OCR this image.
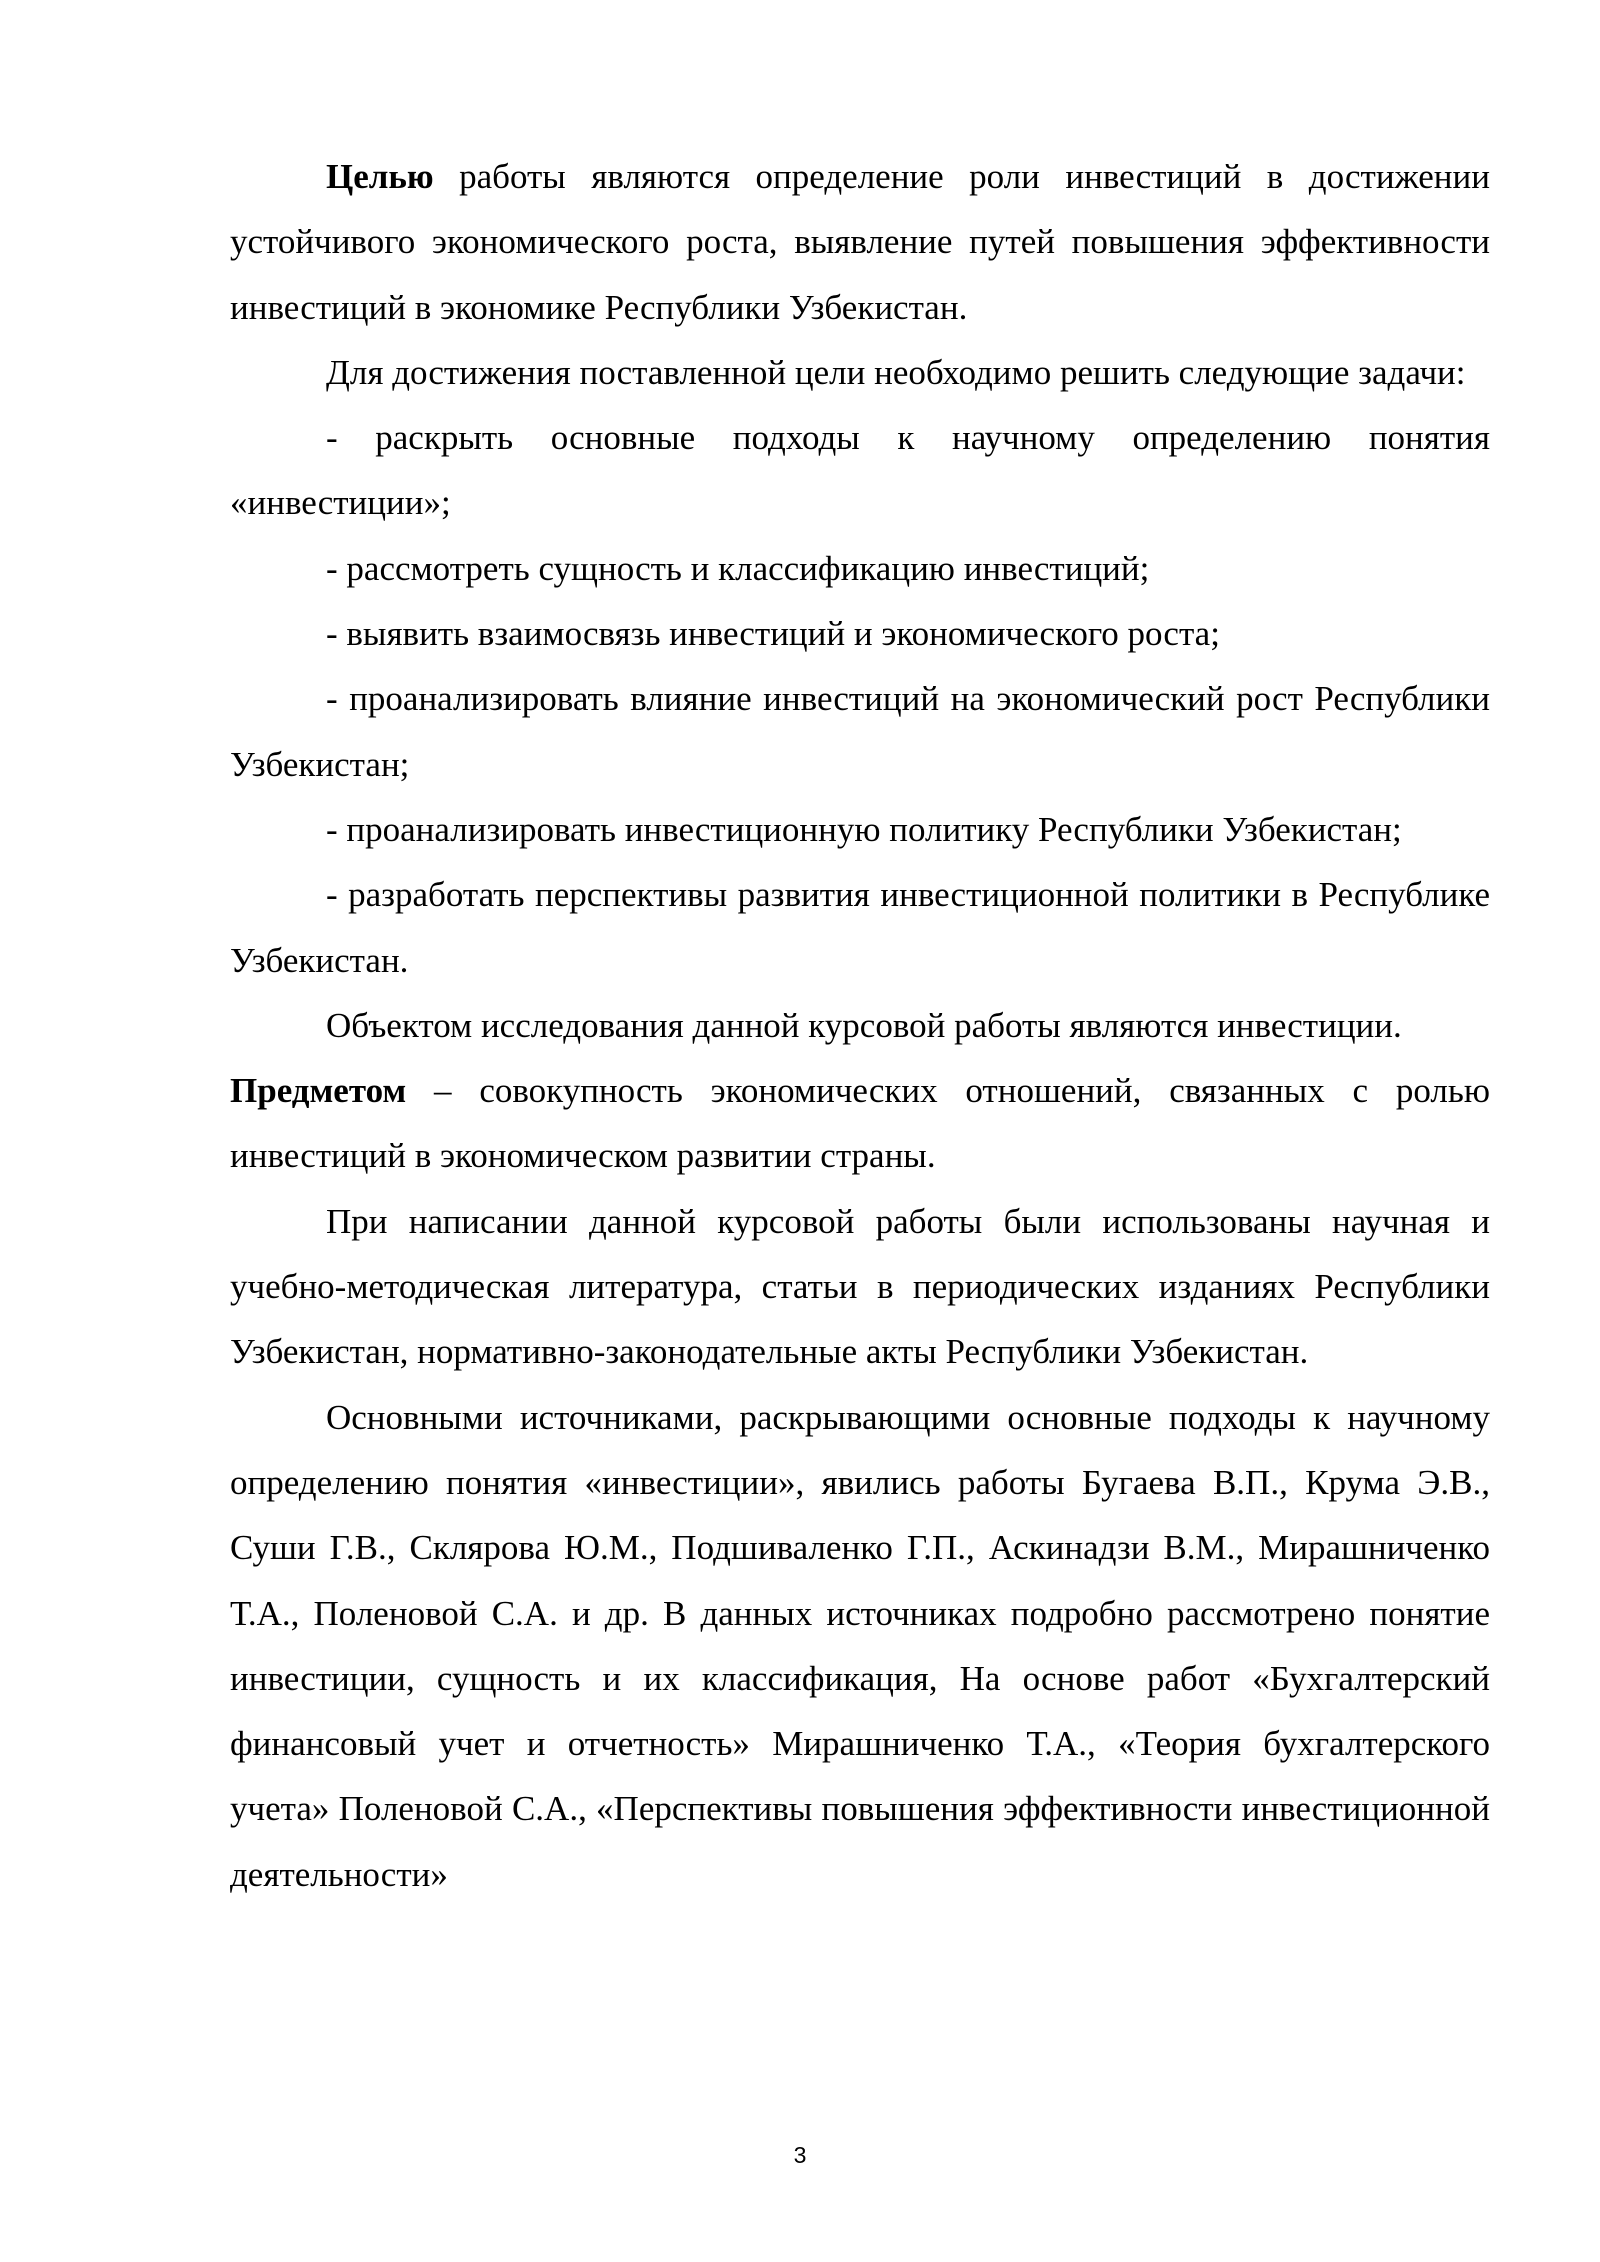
Целью работы являются определение роли инвестиций в достижении устойчивого экономического роста, выявление путей повышения эффективности инвестиций в экономике Республики Узбекистан.

Для достижения поставленной цели необходимо решить следующие задачи:

- раскрыть основные подходы к научному определению понятия «инвестиции»;

- рассмотреть сущность и классификацию инвестиций;

- выявить взаимосвязь инвестиций и экономического роста;

- проанализировать влияние инвестиций на экономический рост Республики Узбекистан;

- проанализировать инвестиционную политику Республики Узбекистан;

- разработать перспективы развития инвестиционной политики в Республике Узбекистан.

Объектом исследования данной курсовой работы являются инвестиции.

Предметом – совокупность экономических отношений, связанных с ролью инвестиций в экономическом развитии страны.

При написании данной курсовой работы были использованы научная и учебно-методическая литература, статьи в периодических изданиях Республики Узбекистан, нормативно-законодательные акты Республики Узбекистан.

Основными источниками, раскрывающими основные подходы к научному определению понятия «инвестиции», явились работы Бугаева В.П., Крума Э.В., Суши Г.В., Склярова Ю.М., Подшиваленко Г.П., Аскинадзи В.М., Мирашниченко Т.А., Поленовой С.А. и др. В данных источниках подробно рассмотрено понятие инвестиции, сущность и их классификация, На основе работ «Бухгалтерский финансовый учет и отчетность» Мирашниченко Т.А., «Теория бухгалтерского учета» Поленовой С.А., «Перспективы повышения эффективности инвестиционной деятельности»

3
